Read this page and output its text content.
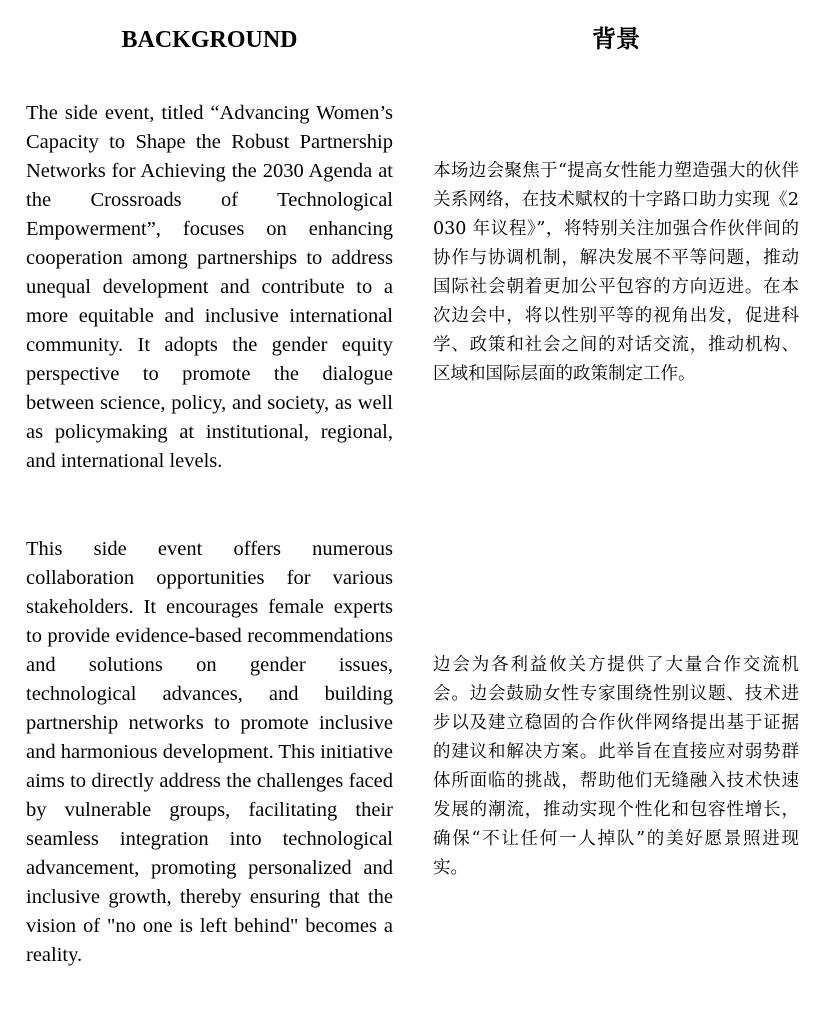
BACKGROUND	背景

The side event, titled “Advancing Women’s Capacity to Shape the Robust Partnership Networks for Achieving the 2030 Agenda at the Crossroads of Technological Empowerment”, focuses on enhancing cooperation among partnerships to address unequal development and contribute to a more equitable and inclusive international community. It adopts the gender equity perspective to promote the dialogue between science, policy, and society, as well as policymaking at institutional, regional, and international levels.

This side event offers numerous collaboration opportunities for various stakeholders. It encourages female experts to provide evidence-based recommendations and solutions on gender issues, technological advances, and building partnership networks to promote inclusive and harmonious development. This initiative aims to directly address the challenges faced by vulnerable groups, facilitating their seamless integration into technological advancement, promoting personalized and inclusive growth, thereby ensuring that the vision of "no one is left behind" becomes a reality.

本场边会聚焦于“提高女性能力塑造强大的伙伴关系网络，在技术赋权的十字路口助力实现《2030 年议程》”，将特别关注加强合作伙伴间的协作与协调机制，解决发展不平等问题，推动国际社会朝着更加公平包容的方向迈进。在本次边会中，将以性别平等的视角出发，促进科学、政策和社会之间的对话交流，推动机构、区域和国际层面的政策制定工作。

边会为各利益攸关方提供了大量合作交流机会。边会鼓励女性专家围绕性别议题、技术进步以及建立稳固的合作伙伴网络提出基于证据的建议和解决方案。此举旨在直接应对弱势群体所面临的挑战，帮助他们无缝融入技术快速发展的潮流，推动实现个性化和包容性增长，确保“不让任何一人掉队”的美好愿景照进现实。
